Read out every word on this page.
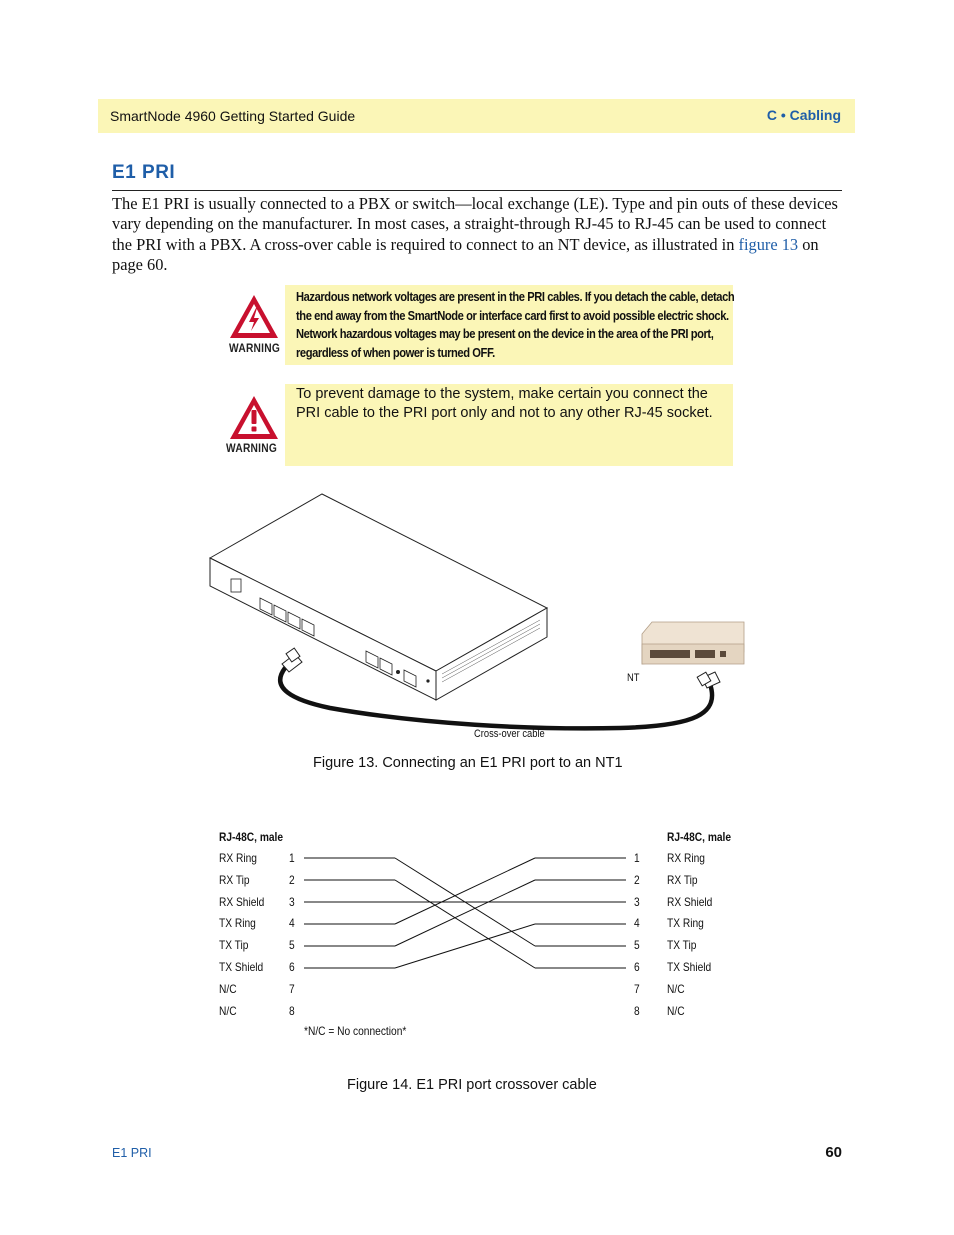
SmartNode 4960 Getting Started Guide	C • Cabling
E1 PRI
The E1 PRI is usually connected to a PBX or switch—local exchange (LE). Type and pin outs of these devices vary depending on the manufacturer. In most cases, a straight-through RJ-45 to RJ-45 can be used to connect the PRI with a PBX. A cross-over cable is required to connect to an NT device, as illustrated in figure 13 on page 60.
WARNING
Hazardous network voltages are present in the PRI cables. If you detach the cable, detach the end away from the SmartNode or interface card first to avoid possible electric shock. Network hazardous voltages may be present on the device in the area of the PRI port, regardless of when power is turned OFF.
WARNING
To prevent damage to the system, make certain you connect the PRI cable to the PRI port only and not to any other RJ-45 socket.
NT
Cross-over cable
Figure 13. Connecting an E1 PRI port to an NT1
RJ-48C, male	RJ-48C, male
RX Ring	1	1 RX Ring
RX Tip	2	2 RX Tip
RX Shield 3	3 RX Shield
TX Ring	4	4 TX Ring
TX Tip	5	5 TX Tip
TX Shield 6	6 TX Shield
N/C	7	7 N/C
N/C	8	8 N/C
*N/C = No connection*
Figure 14. E1 PRI port crossover cable
E1 PRI	60
